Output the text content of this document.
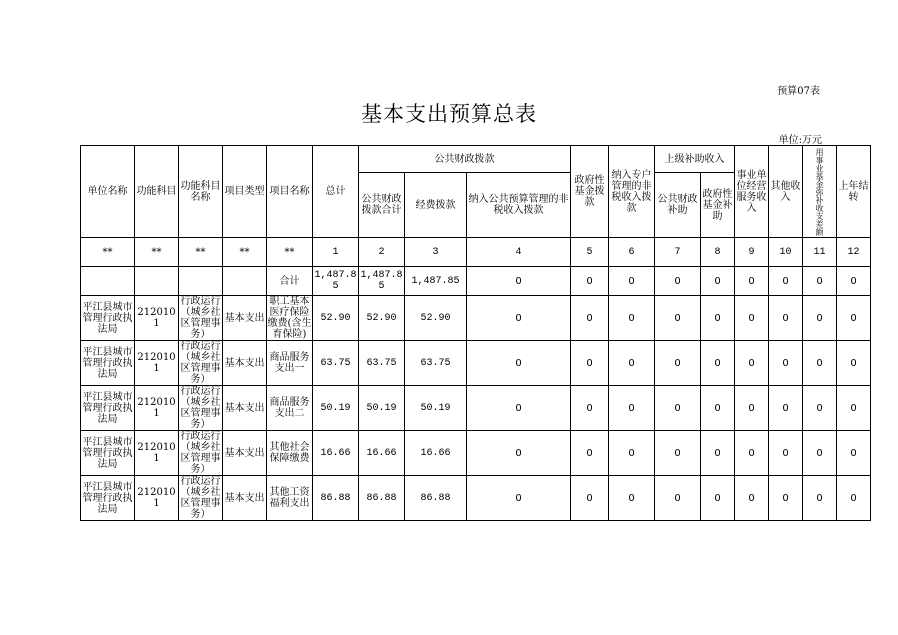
预算07表
基本支出预算总表
单位:万元
单位名称	功能科目	功能科目名称	项目类型	项目名称	总计	公共财政拨款			政府性基金拨款	纳入专户管理的非税收入拨款	上级补助收入		事业单位经营服务收入	其他收入	用事业基金弥补收支差额	上年结转
						公共财政拨款合计	经费拨款	纳入公共预算管理的非税收入拨款			公共财政补助	政府性基金补助				
**	**	**	**	**	1	2	3	4	5	6	7	8	9	10	11	12
				合计	1,487.85	1,487.85	1,487.85	0	0	0	0	0	0	0	0	0
平江县城市管理行政执法局	2120101	行政运行（城乡社区管理事务）	基本支出	职工基本医疗保险缴费(含生育保险)	52.90	52.90	52.90	0	0	0	0	0	0	0	0	0
平江县城市管理行政执法局	2120101	行政运行（城乡社区管理事务）	基本支出	商品服务支出一	63.75	63.75	63.75	0	0	0	0	0	0	0	0	0
平江县城市管理行政执法局	2120101	行政运行（城乡社区管理事务）	基本支出	商品服务支出二	50.19	50.19	50.19	0	0	0	0	0	0	0	0	0
平江县城市管理行政执法局	2120101	行政运行（城乡社区管理事务）	基本支出	其他社会保障缴费	16.66	16.66	16.66	0	0	0	0	0	0	0	0	0
平江县城市管理行政执法局	2120101	行政运行（城乡社区管理事务）	基本支出	其他工资福利支出	86.88	86.88	86.88	0	0	0	0	0	0	0	0	0
